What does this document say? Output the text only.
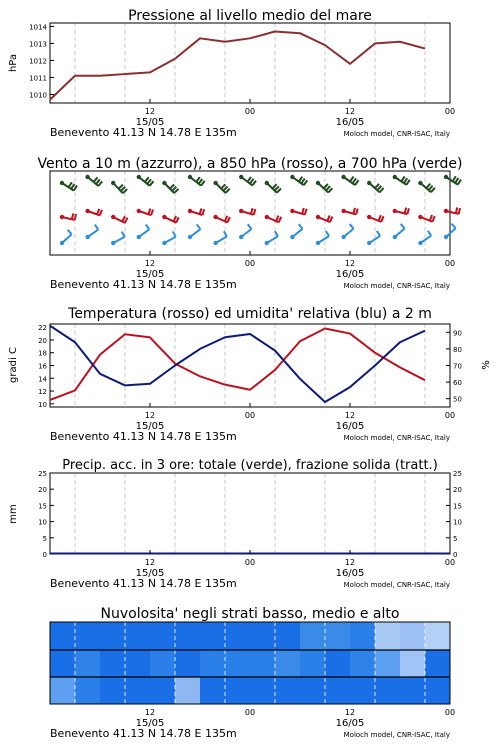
Pressione al livello medio del mare
1010
1011
1012
1013
1014
hPa
12	00	12	00
15/05	16/05
Benevento 41.13 N 14.78 E 135m	Moloch model, CNR-ISAC, Italy
Vento a 10 m (azzurro), a 850 hPa (rosso), a 700 hPa (verde)
12	00	12	00
15/05	16/05
Benevento 41.13 N 14.78 E 135m	Moloch model, CNR-ISAC, Italy
Temperatura (rosso) ed umidita' relativa (blu) a 2 m
10
12
14
16
18
20
22
50
60
70
80
90
gradi C	%
12	00	12	00
15/05	16/05
Benevento 41.13 N 14.78 E 135m	Moloch model, CNR-ISAC, Italy
Precip. acc. in 3 ore: totale (verde), frazione solida (tratt.)
0
5
10
15
20
25
0
5
10
15
20
25
mm
12	00	12	00
15/05	16/05
Benevento 41.13 N 14.78 E 135m	Moloch model, CNR-ISAC, Italy
Nuvolosita' negli strati basso, medio e alto
12	00	12	00
15/05	16/05
Benevento 41.13 N 14.78 E 135m	Moloch model, CNR-ISAC, Italy
